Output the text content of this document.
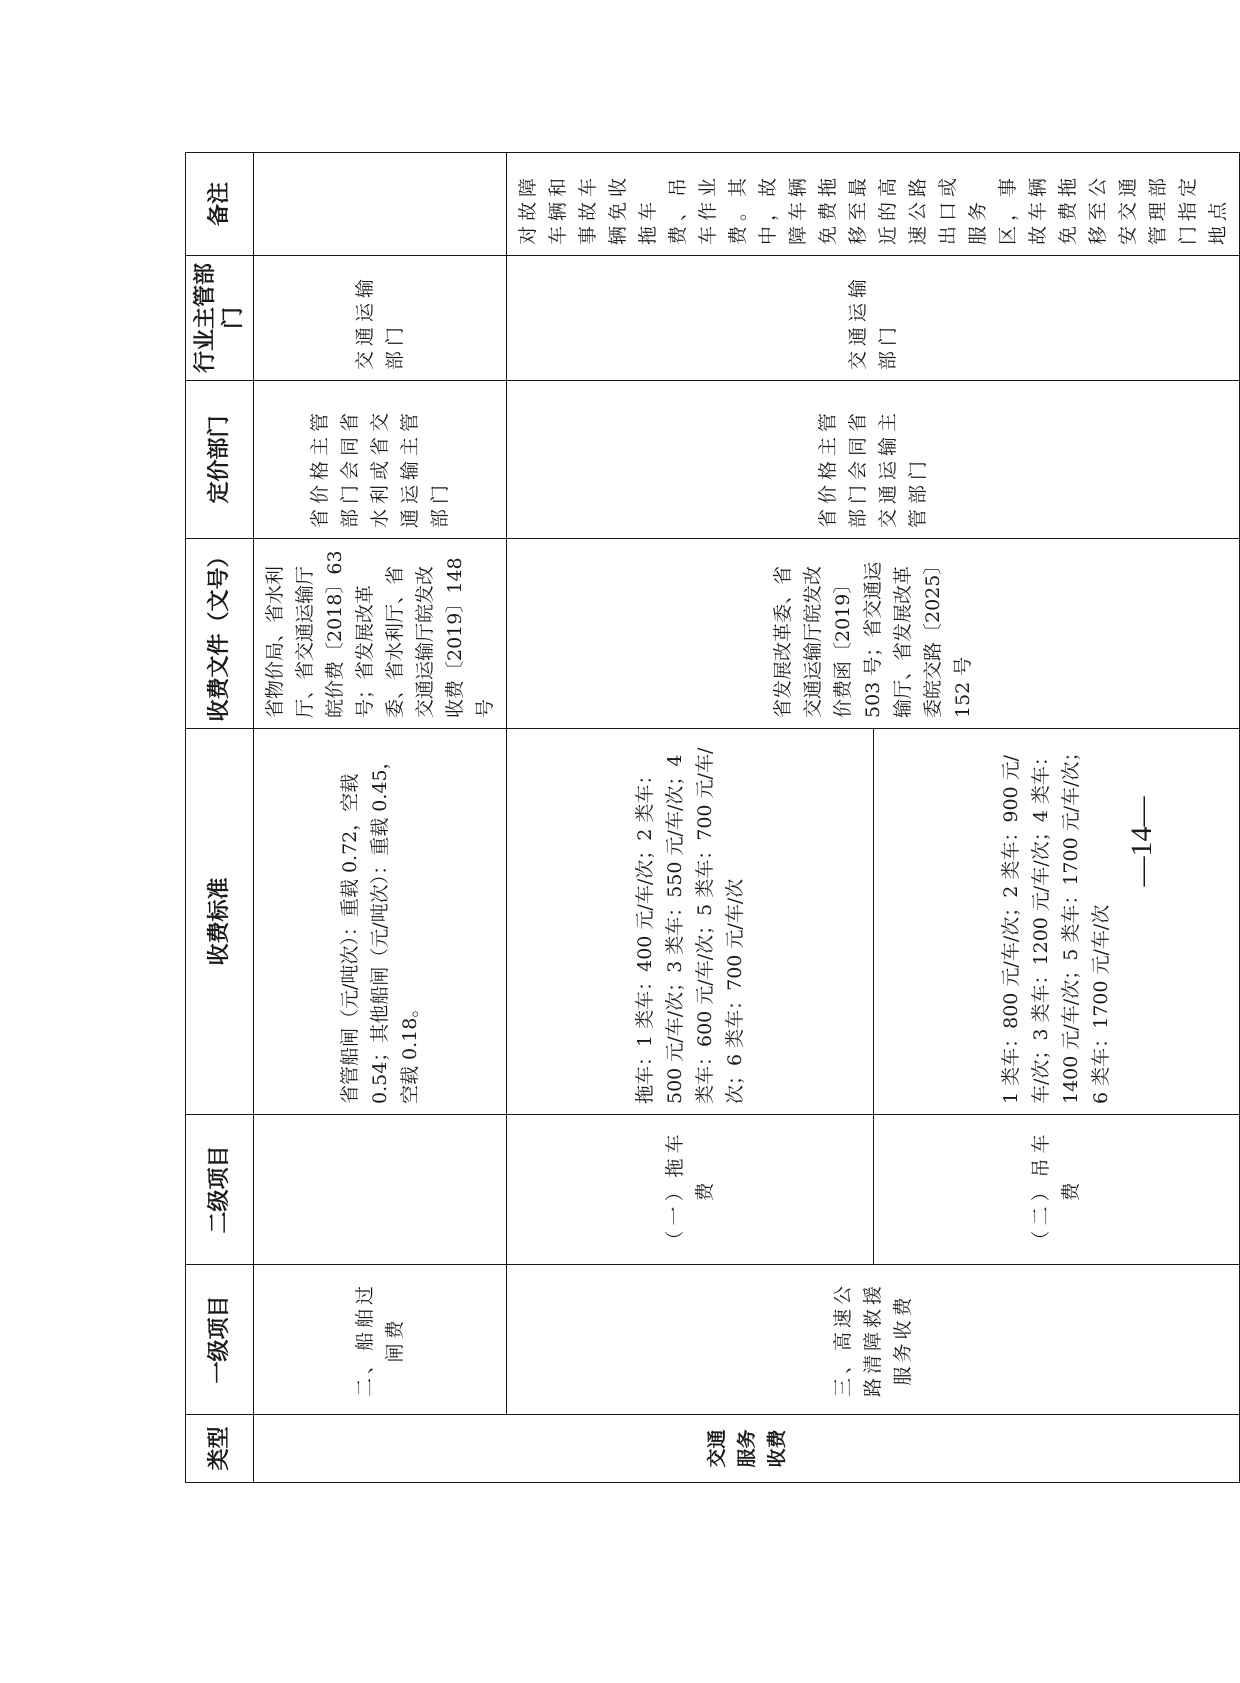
类型	一级项目	二级项目	收费标准	收费文件（文号）	定价部门	行业主管部门	备注
交通服务收费	二、船舶过闸费		省管船闸（元/吨次）：重载 0.72，空载 0.54；其他船闸（元/吨次）：重载 0.45，空载 0.18。	省物价局、省水利厅、省交通运输厅皖价费〔2018〕63 号；省发展改革委、省水利厅、省交通运输厅皖发改收费〔2019〕148 号	省价格主管部门会同省水利或省交通运输主管部门	交通运输部门	
	三、高速公路清障救援服务收费	（一）拖车费	拖车：1 类车：400 元/车/次；2 类车：500 元/车/次；3 类车：550 元/车/次；4 类车：600 元/车/次；5 类车：700 元/车/次；6 类车：700 元/车/次	省发展改革委、省交通运输厅皖发改价费函〔2019〕503 号；省交通运输厅、省发展改革委皖交路〔2025〕152 号	省价格主管部门会同省交通运输主管部门	交通运输部门	对故障车辆和事故车辆免收拖车费、吊车作业费。其中，故障车辆免费拖移至最近的高速公路出口或服务区，事故车辆免费拖移至公安交通管理部门指定地点
		（二）吊车费	1 类车：800 元/车/次；2 类车：900 元/车/次；3 类车：1200 元/车/次；4 类车：1400 元/车/次；5 类车：1700 元/车/次；6 类车：1700 元/车/次				
—14—
